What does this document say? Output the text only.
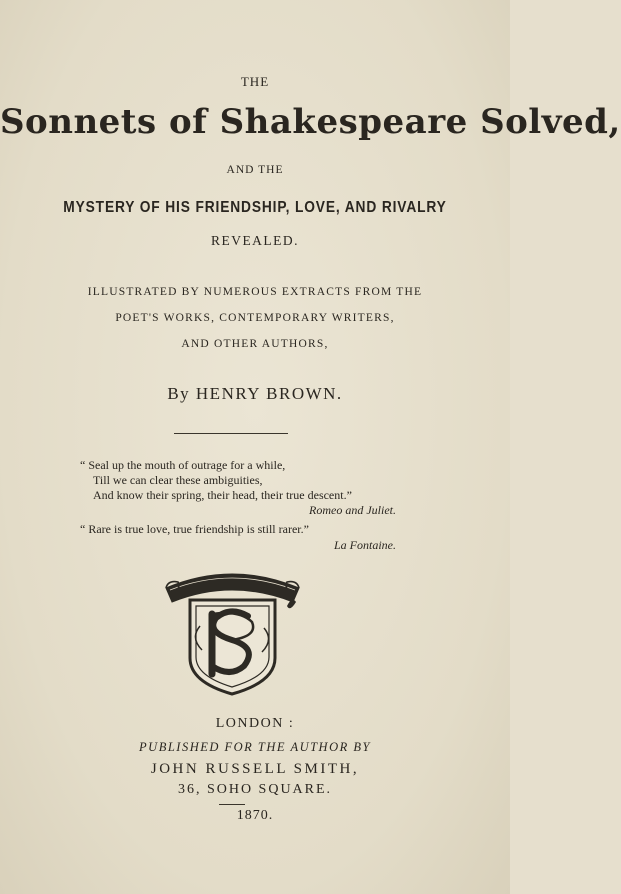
THE
Sonnets of Shakespeare Solved,
AND THE
MYSTERY OF HIS FRIENDSHIP, LOVE, AND RIVALRY
REVEALED.
ILLUSTRATED BY NUMEROUS EXTRACTS FROM THE
POET'S WORKS, CONTEMPORARY WRITERS,
AND OTHER AUTHORS,
By HENRY BROWN.
“ Seal up the mouth of outrage for a while,
Till we can clear these ambiguities,
And know their spring, their head, their true descent.”
Romeo and Juliet.
“ Rare is true love, true friendship is still rarer.”
La Fontaine.
LONDON :
PUBLISHED FOR THE AUTHOR BY
JOHN RUSSELL SMITH,
36, SOHO SQUARE.
1870.
